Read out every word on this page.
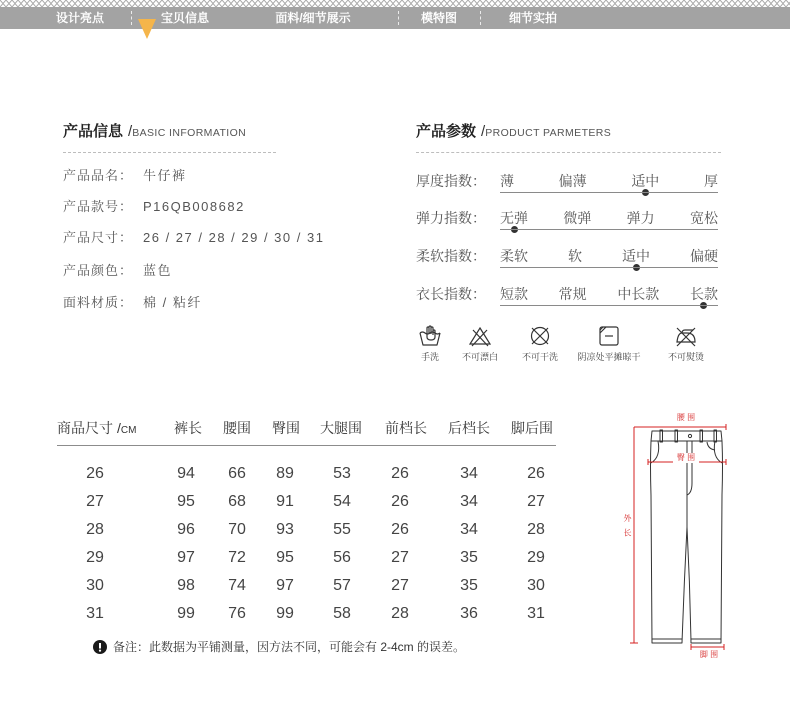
设计亮点	宝贝信息	面料/细节展示	模特图	细节实拍
产品信息 /BASIC INFORMATION
产品品名： 牛仔裤
产品款号： P16QB008682
产品尺寸： 26 / 27 / 28 / 29 / 30 / 31
产品颜色： 蓝色
面料材质： 棉 / 粘纤
产品参数 /PRODUCT PARMETERS
厚度指数： 薄	偏薄	适中	厚
弹力指数： 无弹	微弹	弹力	宽松
柔软指数： 柔软	软	适中	偏硬
衣长指数： 短款 常规 中长款 长款
手洗	不可漂白	不可干洗	阴凉处平摊晾干	不可熨烫
商品尺寸 /CM	裤长	腰围	臀围	大腿围	前档长	后档长	脚后围
26	94	66	89	53	26	34	26
27	95	68	91	54	26	34	27
28	96	70	93	55	26	34	28
29	97	72	95	56	27	35	29
30	98	74	97	57	27	35	30
31	99	76	99	58	28	36	31
备注：此数据为平铺测量，因方法不同，可能会有 2-4cm 的误差。
腰 围
臀 围
外 长
脚 围
